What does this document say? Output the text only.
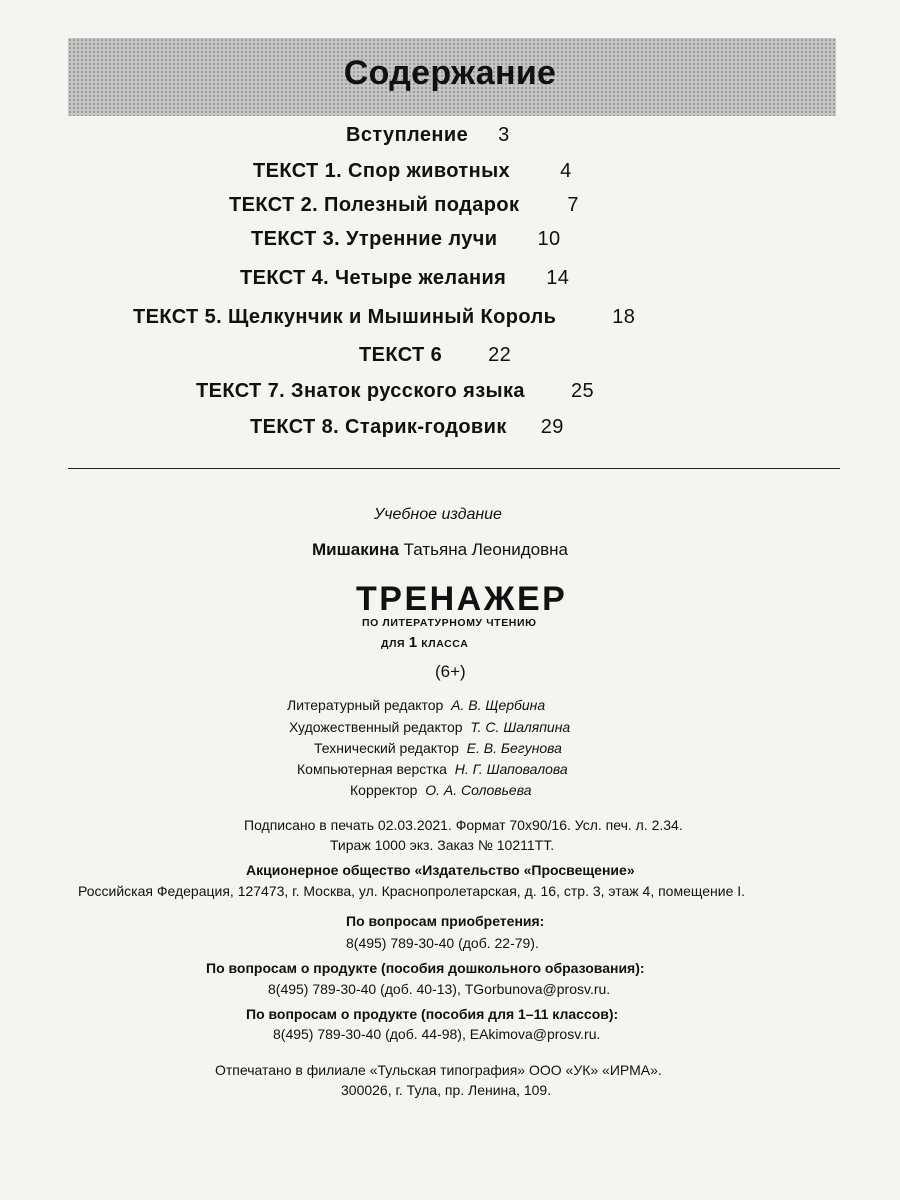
Содержание
Вступление 3
ТЕКСТ 1. Спор животных	4
ТЕКСТ 2. Полезный подарок 7
ТЕКСТ 3. Утренние лучи 10
ТЕКСТ 4. Четыре желания 14
ТЕКСТ 5. Щелкунчик и Мышиный Король	18
ТЕКСТ 6 22
ТЕКСТ 7. Знаток русского языка 25
ТЕКСТ 8. Старик-годовик 29
Учебное издание
Мишакина Татьяна Леонидовна
ТРЕНАЖЕР
ПО ЛИТЕРАТУРНОМУ ЧТЕНИЮ
ДЛЯ 1 КЛАССА
(6+)
Литературный редактор А. В. Щербина
Художественный редактор Т. С. Шаляпина
Технический редактор Е. В. Бегунова
Компьютерная верстка Н. Г. Шаповалова
Корректор О. А. Соловьева
Подписано в печать 02.03.2021. Формат 70х90/16. Усл. печ. л. 2.34.
Тираж 1000 экз. Заказ № 10211ТТ.
Акционерное общество «Издательство «Просвещение»
Российская Федерация, 127473, г. Москва, ул. Краснопролетарская, д. 16, стр. 3, этаж 4, помещение I.
По вопросам приобретения:
8(495) 789-30-40 (доб. 22-79).
По вопросам о продукте (пособия дошкольного образования):
8(495) 789-30-40 (доб. 40-13), TGorbunova@prosv.ru.
По вопросам о продукте (пособия для 1–11 классов):
8(495) 789-30-40 (доб. 44-98), EAkimova@prosv.ru.
Отпечатано в филиале «Тульская типография» ООО «УК» «ИРМА».
300026, г. Тула, пр. Ленина, 109.
